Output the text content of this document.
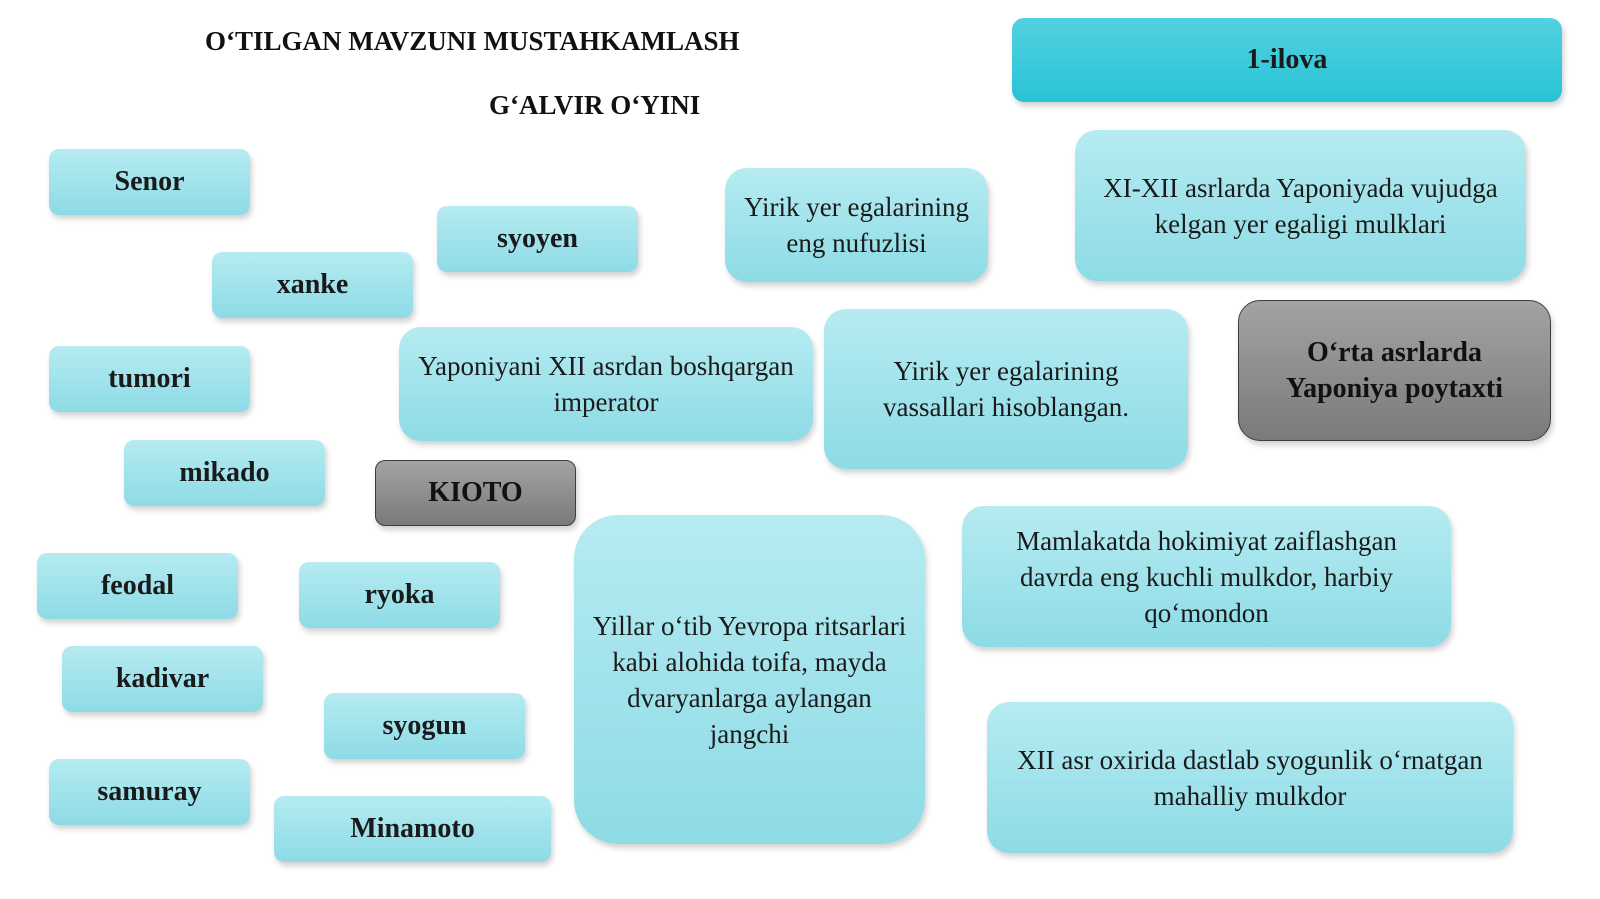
O‘TILGAN MAVZUNI MUSTAHKAMLASH
G‘ALVIR O‘YINI
1-ilova
Senor
xanke
syoyen
tumori
mikado
feodal	ryoka
kadivar
syogun
samuray
Minamoto
KIOTO
Yirik yer egalarining eng nufuzlisi
XI-XII asrlarda Yaponiyada vujudga kelgan yer egaligi mulklari
Yaponiyani XII asrdan boshqargan imperator
Yirik yer egalarining vassallari hisoblangan.
O‘rta asrlarda Yaponiya poytaxti
Yillar o‘tib Yevropa ritsarlari kabi alohida toifa, mayda dvaryanlarga aylangan jangchi
Mamlakatda hokimiyat zaiflashgan davrda eng kuchli mulkdor, harbiy qo‘mondon
XII asr oxirida dastlab syogunlik o‘rnatgan mahalliy mulkdor
